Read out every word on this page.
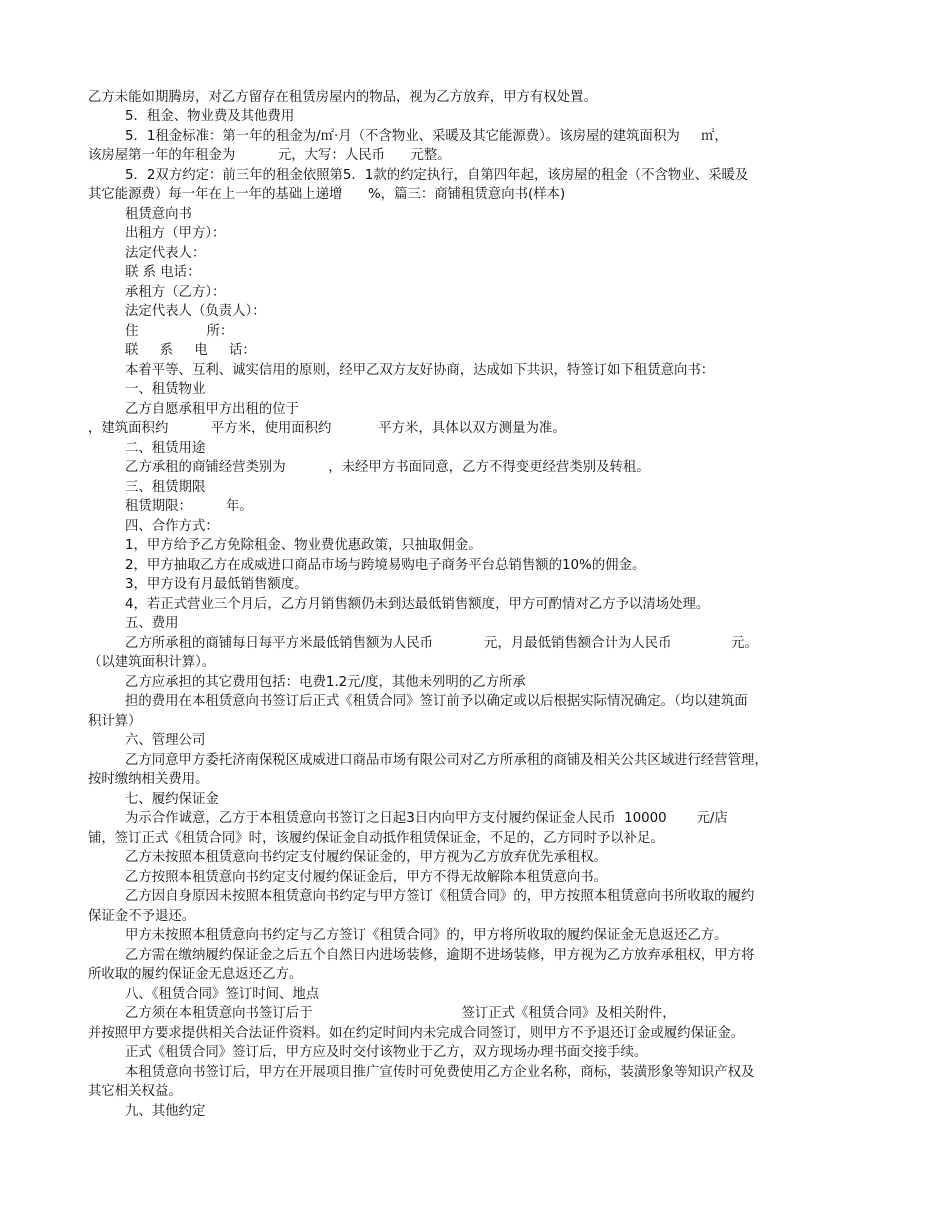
乙方未能如期腾房，对乙方留存在租赁房屋内的物品，视为乙方放弃，甲方有权处置。
5．租金、物业费及其他费用
5．1租金标准：第一年的租金为/㎡·月（不含物业、采暖及其它能源费）。该房屋的建筑面积为     ㎡，
该房屋第一年的年租金为          元，大写：人民币      元整。
5．2双方约定：前三年的租金依照第5．1款的约定执行，自第四年起，该房屋的租金（不含物业、采暖及
其它能源费）每一年在上一年的基础上递增      %，篇三：商铺租赁意向书(样本)
租赁意向书
出租方（甲方）：
法定代表人：
联 系 电话：
承租方（乙方）：
法定代表人（负责人）：
住                所：
联     系     电     话：
本着平等、互利、诚实信用的原则，经甲乙双方友好协商，达成如下共识，特签订如下租赁意向书：
一、租赁物业
乙方自愿承租甲方出租的位于
，建筑面积约          平方米，使用面积约           平方米，具体以双方测量为准。
二、租赁用途
乙方承租的商铺经营类别为          ，未经甲方书面同意，乙方不得变更经营类别及转租。
三、租赁期限
租赁期限：        年。
四、合作方式：
1，甲方给予乙方免除租金、物业费优惠政策，只抽取佣金。
2，甲方抽取乙方在成威进口商品市场与跨境易购电子商务平台总销售额的10%的佣金。
3，甲方设有月最低销售额度。
4，若正式营业三个月后，乙方月销售额仍未到达最低销售额度，甲方可酌情对乙方予以清场处理。
五、费用
乙方所承租的商铺每日每平方米最低销售额为人民币            元，月最低销售额合计为人民币              元。
（以建筑面积计算）。
乙方应承担的其它费用包括：电费1.2元/度，其他未列明的乙方所承
担的费用在本租赁意向书签订后正式《租赁合同》签订前予以确定或以后根据实际情况确定。（均以建筑面
积计算）
六、管理公司
乙方同意甲方委托济南保税区成威进口商品市场有限公司对乙方所承租的商铺及相关公共区域进行经营管理，
按时缴纳相关费用。
七、履约保证金
为示合作诚意，乙方于本租赁意向书签订之日起3日内向甲方支付履约保证金人民币  10000       元/店
铺，签订正式《租赁合同》时，该履约保证金自动抵作租赁保证金，不足的，乙方同时予以补足。
乙方未按照本租赁意向书约定支付履约保证金的，甲方视为乙方放弃优先承租权。
乙方按照本租赁意向书约定支付履约保证金后，甲方不得无故解除本租赁意向书。
乙方因自身原因未按照本租赁意向书约定与甲方签订《租赁合同》的，甲方按照本租赁意向书所收取的履约
保证金不予退还。
甲方未按照本租赁意向书约定与乙方签订《租赁合同》的，甲方将所收取的履约保证金无息返还乙方。
乙方需在缴纳履约保证金之后五个自然日内进场装修，逾期不进场装修，甲方视为乙方放弃承租权，甲方将
所收取的履约保证金无息返还乙方。
八、《租赁合同》签订时间、地点
乙方须在本租赁意向书签订后于                                   签订正式《租赁合同》及相关附件，
并按照甲方要求提供相关合法证件资料。如在约定时间内未完成合同签订，则甲方不予退还订金或履约保证金。
正式《租赁合同》签订后，甲方应及时交付该物业于乙方，双方现场办理书面交接手续。
本租赁意向书签订后，甲方在开展项目推广宣传时可免费使用乙方企业名称，商标，装潢形象等知识产权及
其它相关权益。
九、其他约定
